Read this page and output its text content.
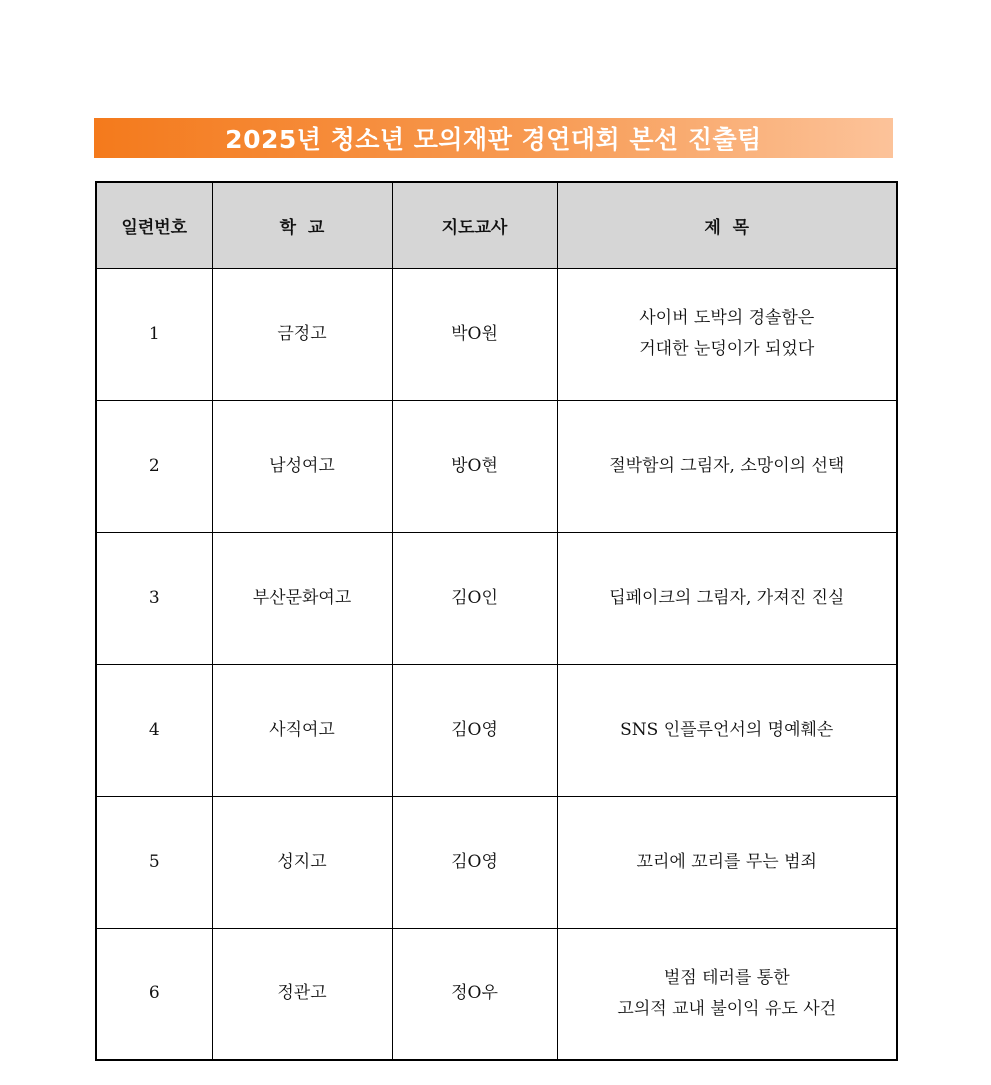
2025년 청소년 모의재판 경연대회 본선 진출팀
일련번호	학  교	지도교사	제  목
1	금정고	박O원	사이버 도박의 경솔함은
거대한 눈덩이가 되었다

2	남성여고	방O현	절박함의 그림자, 소망이의 선택

3	부산문화여고	김O인	딥페이크의 그림자, 가져진 진실

4	사직여고	김O영	SNS 인플루언서의 명예훼손

5	성지고	김O영	꼬리에 꼬리를 무는 범죄

6	정관고	정O우	벌점 테러를 통한
고의적 교내 불이익 유도 사건
